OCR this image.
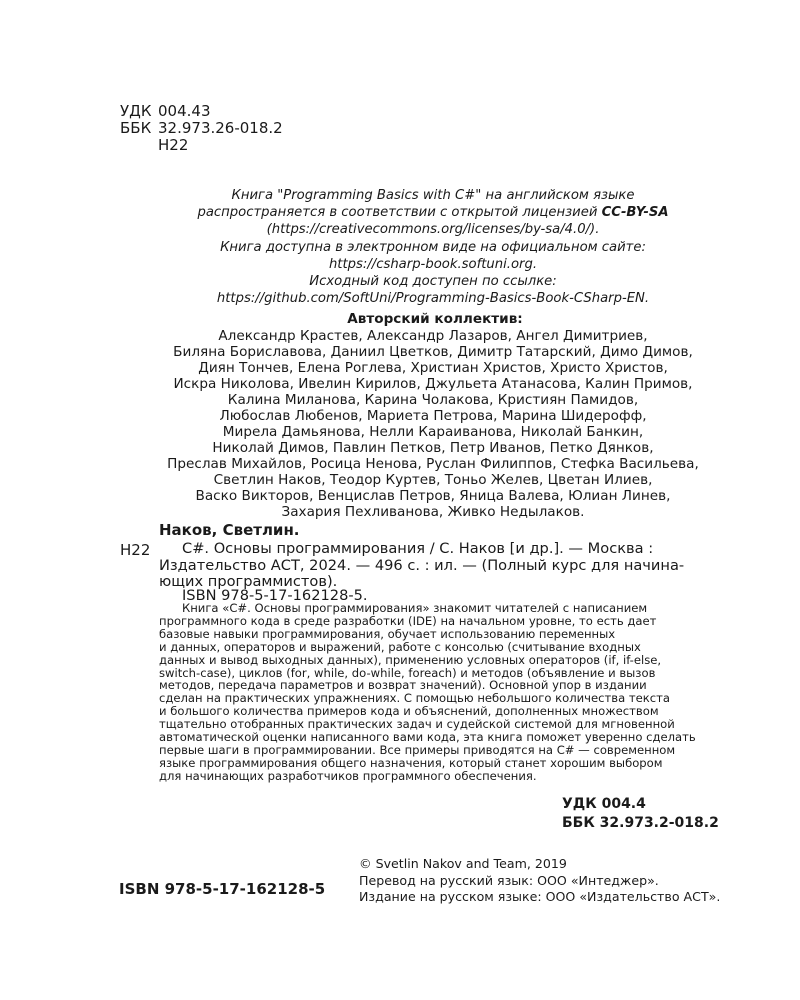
УДК 004.43
ББК 32.973.26-018.2
Н22
Книга "Programming Basics with C#" на английском языке
распространяется в соответствии с открытой лицензией CC-BY-SA
(https://creativecommons.org/licenses/by-sa/4.0/).
Книга доступна в электронном виде на официальном сайте:
https://csharp-book.softuni.org.
Исходный код доступен по ссылке:
https://github.com/SoftUni/Programming-Basics-Book-CSharp-EN.
Авторский коллектив:
Александр Крастев, Александр Лазаров, Ангел Димитриев,
Биляна Бориславова, Даниил Цветков, Димитр Татарский, Димо Димов,
Диян Тончев, Елена Роглева, Христиан Христов, Христо Христов,
Искра Николова, Ивелин Кирилов, Джульета Атанасова, Калин Примов,
Калина Миланова, Карина Чолакова, Кристиян Памидов,
Любослав Любенов, Мариета Петрова, Марина Шидерофф,
Мирела Дамьянова, Нелли Караиванова, Николай Банкин,
Николай Димов, Павлин Петков, Петр Иванов, Петко Дянков,
Преслав Михайлов, Росица Ненова, Руслан Филиппов, Стефка Васильева,
Светлин Наков, Теодор Куртев, Тоньо Желев, Цветан Илиев,
Васко Викторов, Венцислав Петров, Яница Валева, Юлиан Линев,
Захария Пехливанова, Живко Недылаков.
Наков, Светлин.
Н22 C#. Основы программирования / С. Наков [и др.]. — Москва :
Издательство АСТ, 2024. — 496 с. : ил. — (Полный курс для начина-
ющих программистов).
ISBN 978-5-17-162128-5.
Книга «C#. Основы программирования» знакомит читателей с написанием
программного кода в среде разработки (IDE) на начальном уровне, то есть дает
базовые навыки программирования, обучает использованию переменных
и данных, операторов и выражений, работе с консолью (считывание входных
данных и вывод выходных данных), применению условных операторов (if, if-else,
switch-case), циклов (for, while, do-while, foreach) и методов (объявление и вызов
методов, передача параметров и возврат значений). Основной упор в издании
сделан на практических упражнениях. С помощью небольшого количества текста
и большого количества примеров кода и объяснений, дополненных множеством
тщательно отобранных практических задач и судейской системой для мгновенной
автоматической оценки написанного вами кода, эта книга поможет уверенно сделать
первые шаги в программировании. Все примеры приводятся на C# — современном
языке программирования общего назначения, который станет хорошим выбором
для начинающих разработчиков программного обеспечения.
УДК 004.4
ББК 32.973.2-018.2
ISBN 978-5-17-162128-5
© Svetlin Nakov and Team, 2019
Перевод на русский язык: ООО «Интеджер».
Издание на русском языке: ООО «Издательство АСТ».
